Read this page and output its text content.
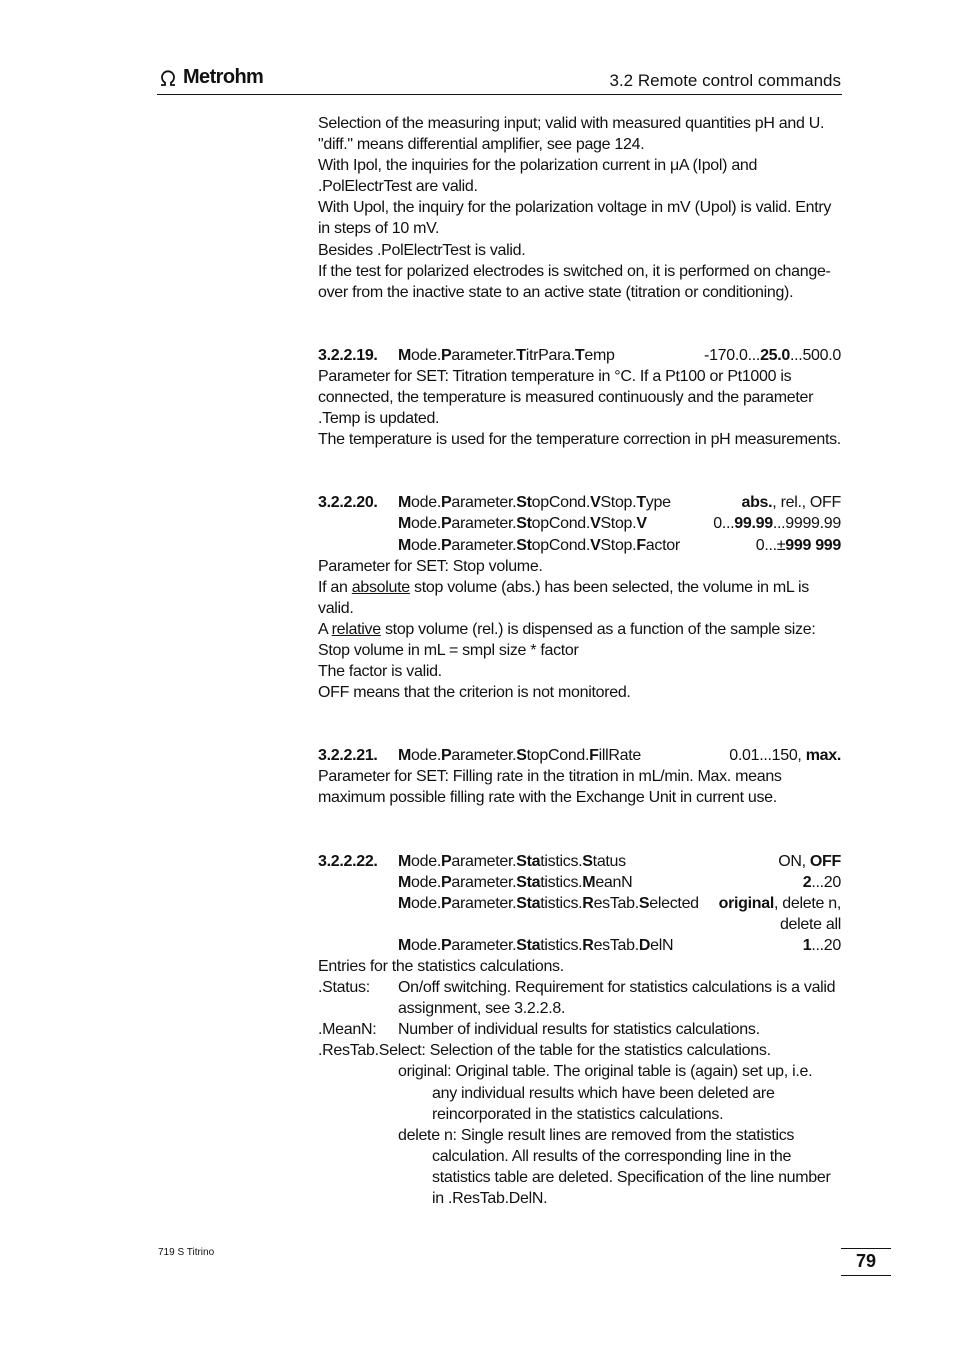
Metrohm	3.2 Remote control commands

Selection of the measuring input; valid with measured quantities pH and U. "diff." means differential amplifier, see page 124.

With Ipol, the inquiries for the polarization current in μA (Ipol) and .PolElectrTest are valid.

With Upol, the inquiry for the polarization voltage in mV (Upol) is valid. Entry in steps of 10 mV.

Besides .PolElectrTest is valid.

If the test for polarized electrodes is switched on, it is performed on change-over from the inactive state to an active state (titration or conditioning).

3.2.2.19. Mode.Parameter.TitrPara.Temp	-170.0...25.0...500.0

Parameter for SET: Titration temperature in °C. If a Pt100 or Pt1000 is connected, the temperature is measured continuously and the parameter .Temp is updated.

The temperature is used for the temperature correction in pH measurements.

3.2.2.20. Mode.Parameter.StopCond.VStop.Type	abs., rel., OFF
Mode.Parameter.StopCond.VStop.V	0...99.99...9999.99
Mode.Parameter.StopCond.VStop.Factor	0...±999 999

Parameter for SET: Stop volume.

If an absolute stop volume (abs.) has been selected, the volume in mL is valid.

A relative stop volume (rel.) is dispensed as a function of the sample size:

Stop volume in mL = smpl size * factor

The factor is valid.

OFF means that the criterion is not monitored.

3.2.2.21. Mode.Parameter.StopCond.FillRate	0.01...150, max.

Parameter for SET: Filling rate in the titration in mL/min. Max. means maximum possible filling rate with the Exchange Unit in current use.

3.2.2.22. Mode.Parameter.Statistics.Status	ON, OFF
Mode.Parameter.Statistics.MeanN	2...20
Mode.Parameter.Statistics.ResTab.Selected original, delete n,
delete all
Mode.Parameter.Statistics.ResTab.DelN	1...20

Entries for the statistics calculations.

.Status:	On/off switching. Requirement for statistics calculations is a valid assignment, see 3.2.2.8.
.MeanN:	Number of individual results for statistics calculations.

.ResTab.Select: Selection of the table for the statistics calculations.

original: Original table. The original table is (again) set up, i.e. any individual results which have been deleted are reincorporated in the statistics calculations.

delete n: Single result lines are removed from the statistics calculation. All results of the corresponding line in the statistics table are deleted. Specification of the line number in .ResTab.DelN.

719 S Titrino	79
